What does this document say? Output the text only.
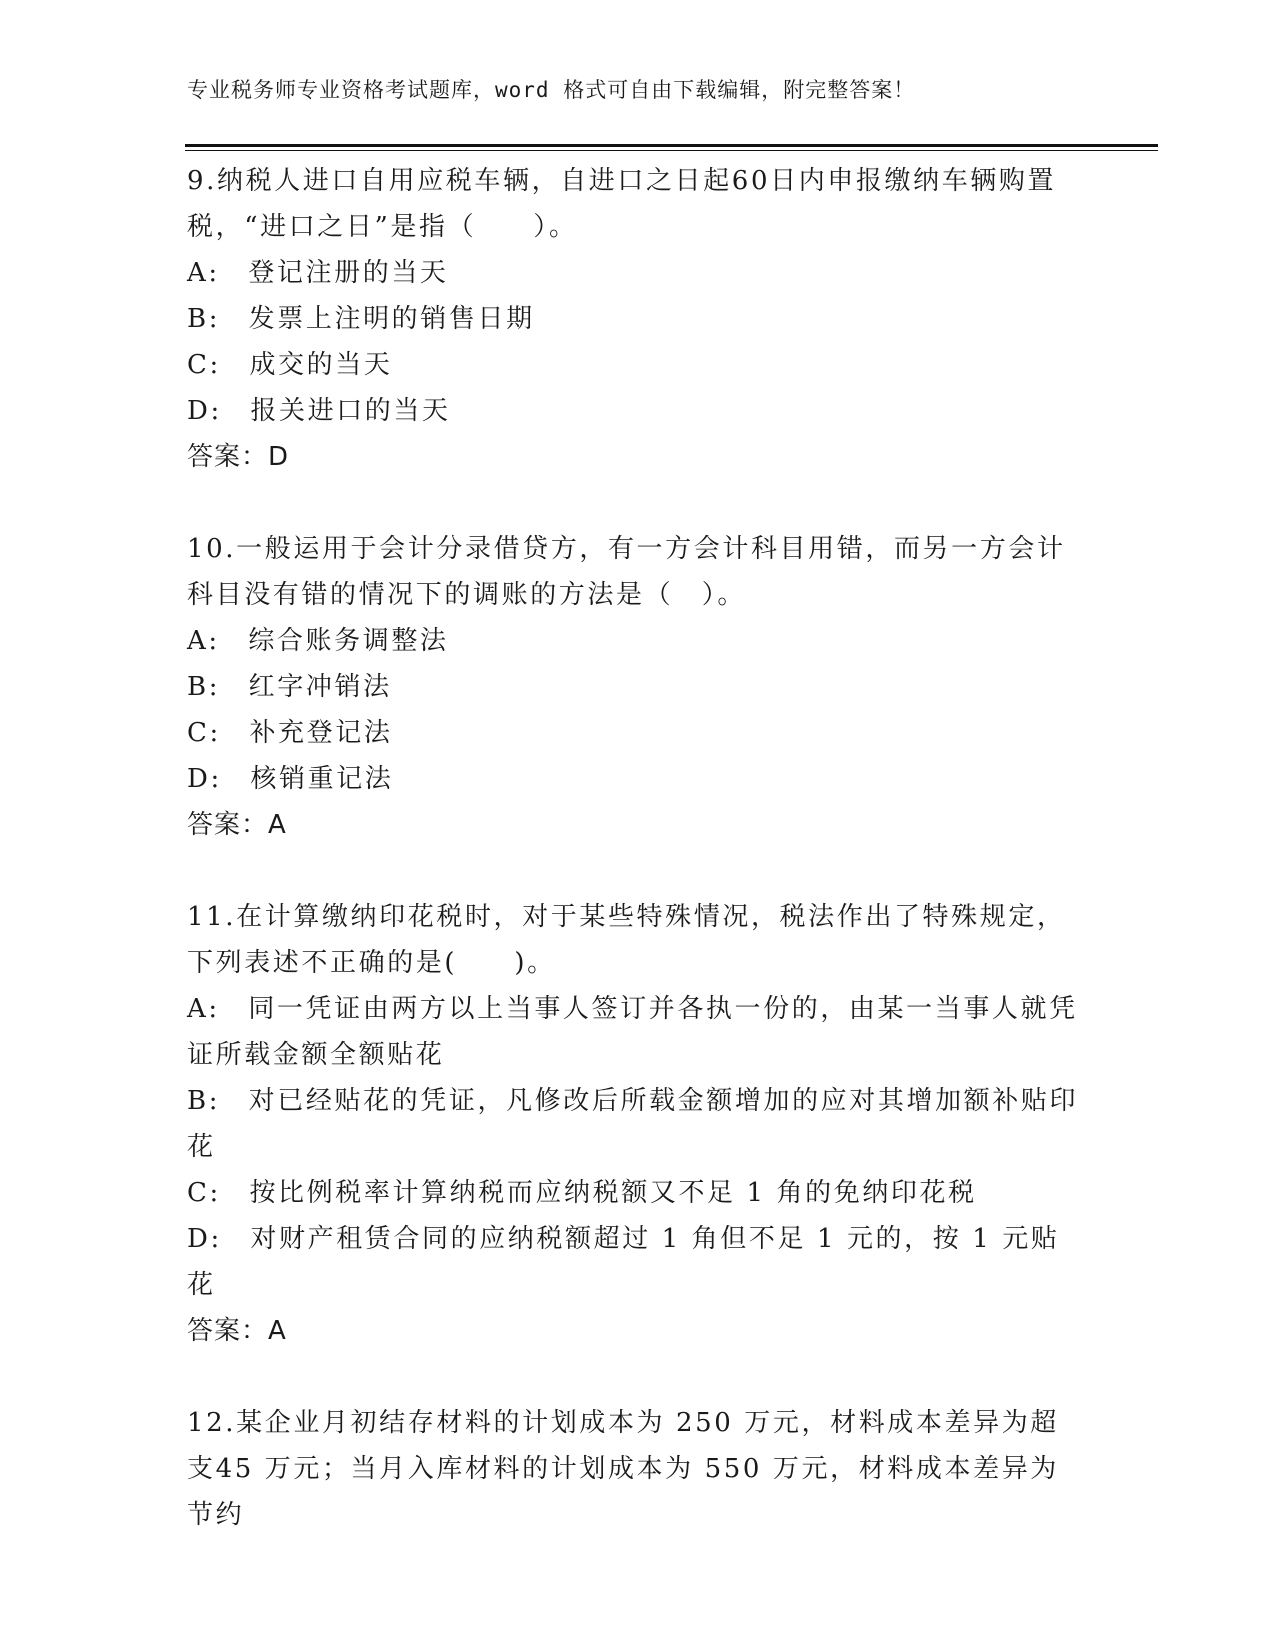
专业税务师专业资格考试题库，word 格式可自由下载编辑，附完整答案！

9.纳税人进口自用应税车辆，自进口之日起60日内申报缴纳车辆购置税，“进口之日”是指（　　）。

A:　登记注册的当天

B:　发票上注明的销售日期

C:　成交的当天

D:　报关进口的当天

答案：D

10.一般运用于会计分录借贷方，有一方会计科目用错，而另一方会计科目没有错的情况下的调账的方法是（　）。

A:　综合账务调整法

B:　红字冲销法

C:　补充登记法

D:　核销重记法

答案：A

11.在计算缴纳印花税时，对于某些特殊情况，税法作出了特殊规定，下列表述不正确的是(　　)。

A:　同一凭证由两方以上当事人签订并各执一份的，由某一当事人就凭证所载金额全额贴花

B:　对已经贴花的凭证，凡修改后所载金额增加的应对其增加额补贴印花

C:　按比例税率计算纳税而应纳税额又不足 1 角的免纳印花税

D:　对财产租赁合同的应纳税额超过 1 角但不足 1 元的，按 1 元贴花

答案：A

12.某企业月初结存材料的计划成本为 250 万元，材料成本差异为超支45 万元；当月入库材料的计划成本为 550 万元，材料成本差异为节约
